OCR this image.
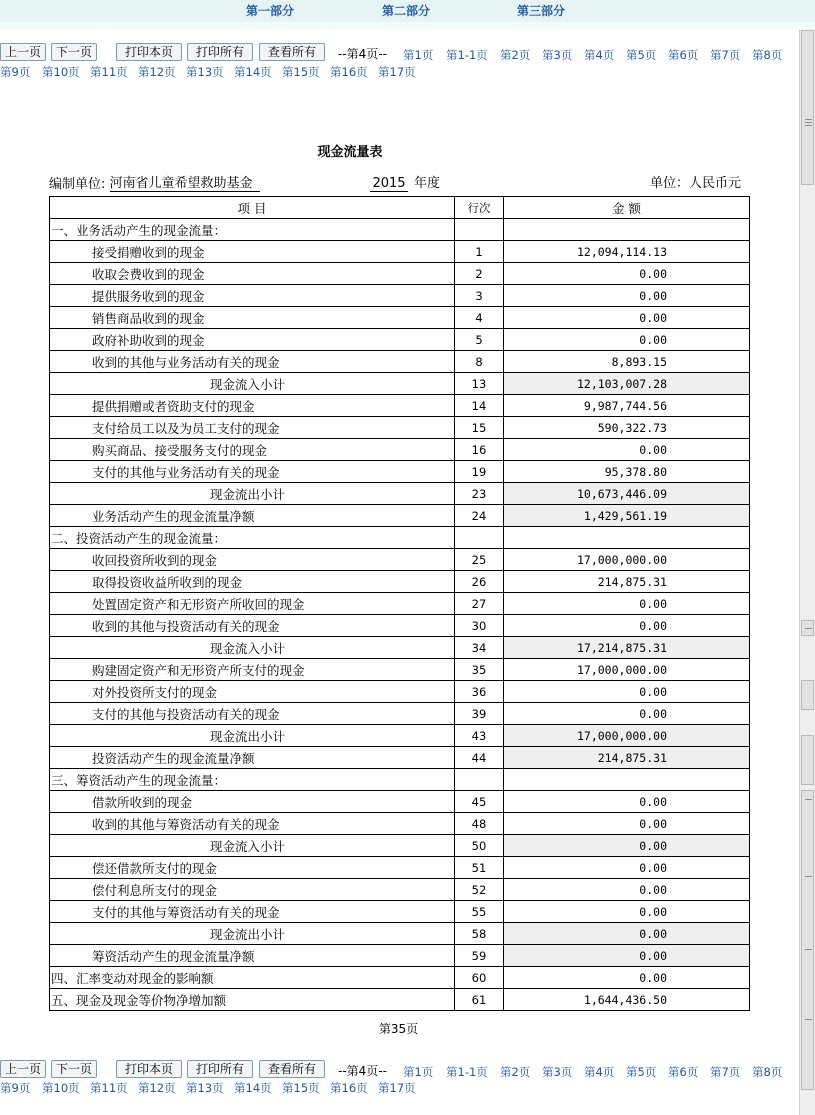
第一部分	第二部分	第三部分
上一页	下一页	打印本页	打印所有	查看所有	--第4页-- 第1页 第1-1页 第2页 第3页 第4页 第5页 第6页 第7页 第8页
第9页 第10页 第11页 第12页 第13页 第14页 第15页 第16页 第17页
现金流量表
编制单位: 河南省儿童希望救助基金	2015 年度	单位：人民币元
项 目	行次	金 额
一、业务活动产生的现金流量：		
接受捐赠收到的现金	1	12,094,114.13
收取会费收到的现金	2	0.00
提供服务收到的现金	3	0.00
销售商品收到的现金	4	0.00
政府补助收到的现金	5	0.00
收到的其他与业务活动有关的现金	8	8,893.15
现金流入小计	13	12,103,007.28
提供捐赠或者资助支付的现金	14	9,987,744.56
支付给员工以及为员工支付的现金	15	590,322.73
购买商品、接受服务支付的现金	16	0.00
支付的其他与业务活动有关的现金	19	95,378.80
现金流出小计	23	10,673,446.09
业务活动产生的现金流量净额	24	1,429,561.19
二、投资活动产生的现金流量：		
收回投资所收到的现金	25	17,000,000.00
取得投资收益所收到的现金	26	214,875.31
处置固定资产和无形资产所收回的现金	27	0.00
收到的其他与投资活动有关的现金	30	0.00
现金流入小计	34	17,214,875.31
购建固定资产和无形资产所支付的现金	35	17,000,000.00
对外投资所支付的现金	36	0.00
支付的其他与投资活动有关的现金	39	0.00
现金流出小计	43	17,000,000.00
投资活动产生的现金流量净额	44	214,875.31
三、筹资活动产生的现金流量：		
借款所收到的现金	45	0.00
收到的其他与筹资活动有关的现金	48	0.00
现金流入小计	50	0.00
偿还借款所支付的现金	51	0.00
偿付利息所支付的现金	52	0.00
支付的其他与筹资活动有关的现金	55	0.00
现金流出小计	58	0.00
筹资活动产生的现金流量净额	59	0.00
四、汇率变动对现金的影响额	60	0.00
五、现金及现金等价物净增加额	61	1,644,436.50
第35页
上一页	下一页	打印本页	打印所有	查看所有	--第4页-- 第1页 第1-1页 第2页 第3页 第4页 第5页 第6页 第7页 第8页
第9页 第10页 第11页 第12页 第13页 第14页 第15页 第16页 第17页
